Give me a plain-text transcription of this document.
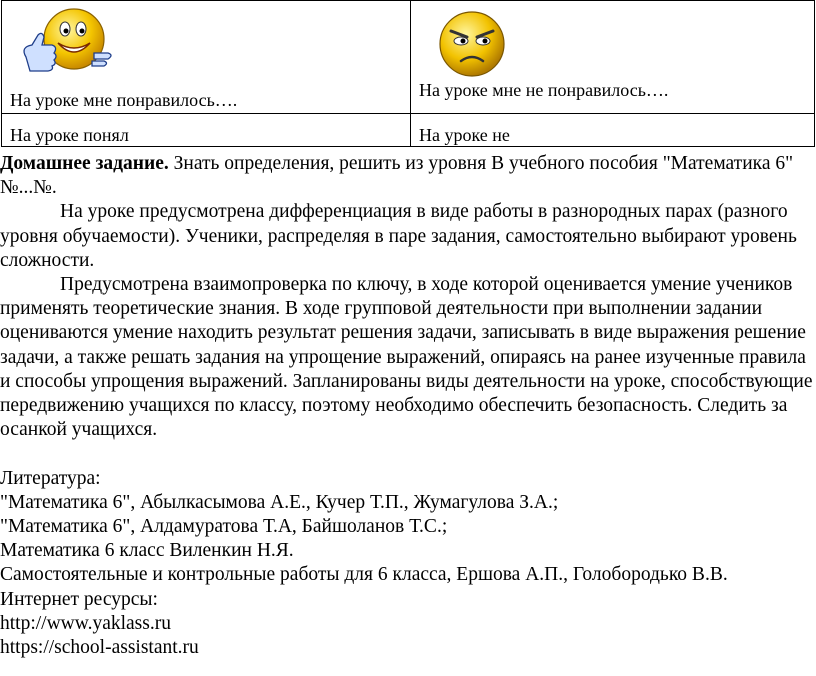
На уроке мне понравилось….	На уроке мне не понравилось….

На уроке понял	На уроке не

Домашнее задание. Знать определения, решить из уровня В учебного пособия "Математика 6" №...№.

На уроке предусмотрена дифференциация в виде работы в разнородных парах (разного уровня обучаемости). Ученики, распределяя в паре задания, самостоятельно выбирают уровень сложности.

Предусмотрена взаимопроверка по ключу, в ходе которой оценивается умение учеников применять теоретические знания. В ходе групповой деятельности при выполнении задании оцениваются умение находить результат решения задачи, записывать в виде выражения решение задачи, а также решать задания на упрощение выражений, опираясь на ранее изученные правила и способы упрощения выражений. Запланированы виды деятельности на уроке, способствующие передвижению учащихся по классу, поэтому необходимо обеспечить безопасность. Следить за осанкой учащихся.

Литература:

"Математика 6", Абылкасымова А.Е., Кучер Т.П., Жумагулова З.А.;

"Математика 6", Алдамуратова Т.А, Байшоланов Т.С.;

Математика 6 класс Виленкин Н.Я.

Самостоятельные и контрольные работы для 6 класса, Ершова А.П., Голобородько В.В.

Интернет ресурсы:

http://www.yaklass.ru

https://school-assistant.ru
